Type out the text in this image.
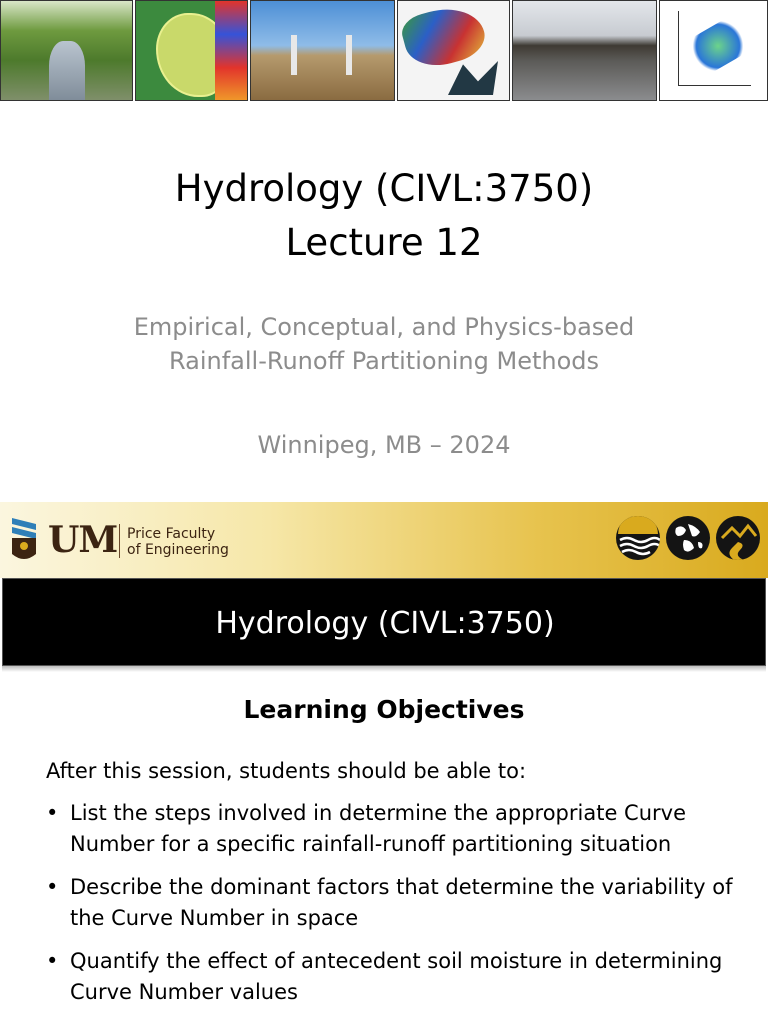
Hydrology (CIVL:3750)
Lecture 12
Empirical, Conceptual, and Physics-based
Rainfall-Runoff Partitioning Methods
Winnipeg, MB – 2024
UM Price Faculty
of Engineering
Hydrology (CIVL:3750)
Learning Objectives
After this session, students should be able to:
• List the steps involved in determine the appropriate Curve
Number for a specific rainfall-runoff partitioning situation
• Describe the dominant factors that determine the variability of
the Curve Number in space
• Quantify the effect of antecedent soil moisture in determining
Curve Number values
